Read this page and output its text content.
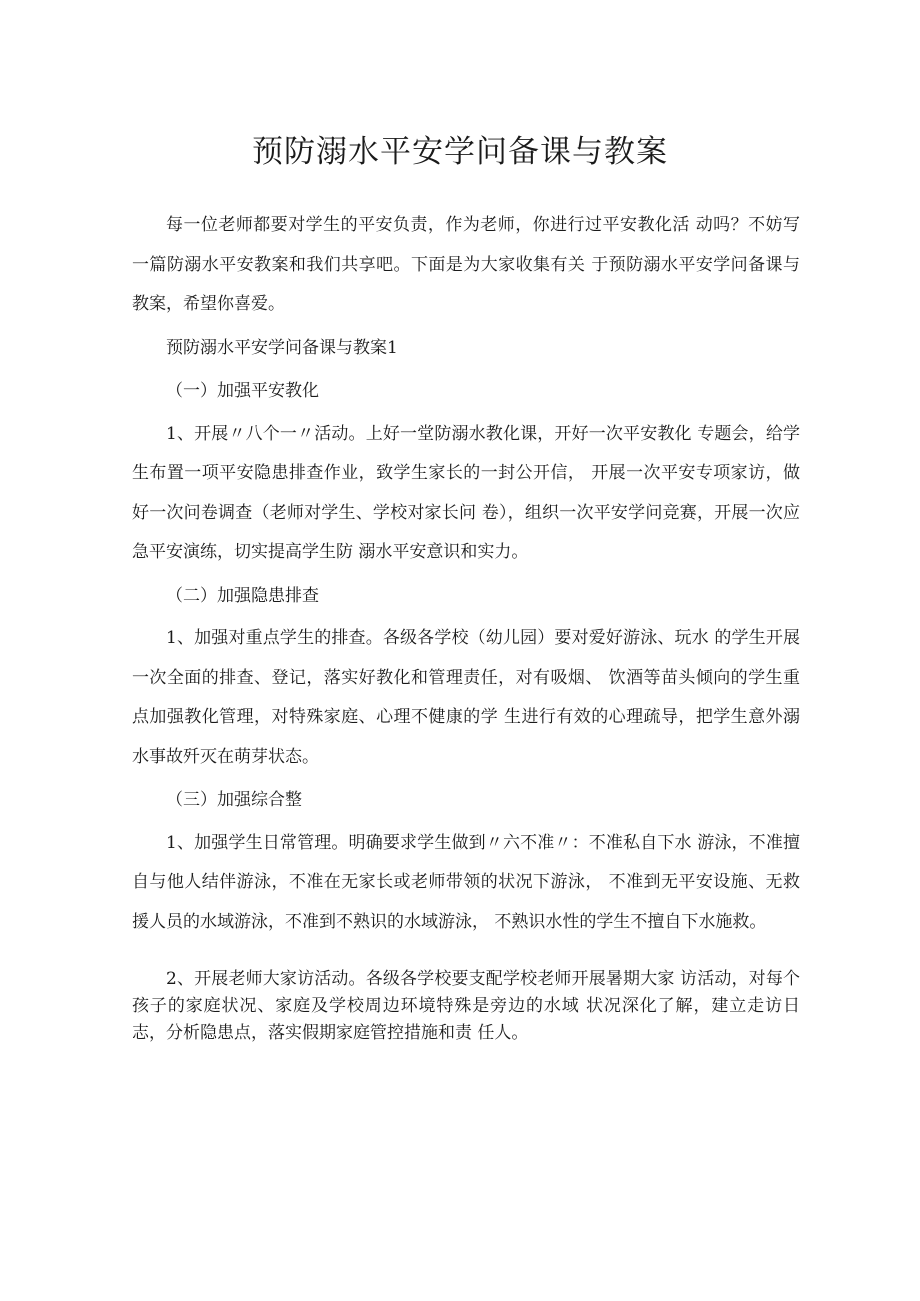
预防溺水平安学问备课与教案

每一位老师都要对学生的平安负责，作为老师，你进行过平安教化活 动吗？不妨写一篇防溺水平安教案和我们共享吧。下面是为大家收集有关 于预防溺水平安学问备课与教案，希望你喜爱。

预防溺水平安学问备课与教案1

（一）加强平安教化

1、开展〃八个一〃活动。上好一堂防溺水教化课，开好一次平安教化 专题会，给学生布置一项平安隐患排查作业，致学生家长的一封公开信， 开展一次平安专项家访，做好一次问卷调查（老师对学生、学校对家长问 卷），组织一次平安学问竞赛，开展一次应急平安演练，切实提高学生防 溺水平安意识和实力。

（二）加强隐患排查

1、加强对重点学生的排查。各级各学校（幼儿园）要对爱好游泳、玩水 的学生开展一次全面的排查、登记，落实好教化和管理责任，对有吸烟、 饮酒等苗头倾向的学生重点加强教化管理，对特殊家庭、心理不健康的学 生进行有效的心理疏导，把学生意外溺水事故歼灭在萌芽状态。

（三）加强综合整

1、加强学生日常管理。明确要求学生做到〃六不准〃：不准私自下水 游泳，不准擅自与他人结伴游泳，不准在无家长或老师带领的状况下游泳， 不准到无平安设施、无救援人员的水域游泳，不准到不熟识的水域游泳， 不熟识水性的学生不擅自下水施救。

2、开展老师大家访活动。各级各学校要支配学校老师开展暑期大家 访活动，对每个孩子的家庭状况、家庭及学校周边环境特殊是旁边的水域 状况深化了解，建立走访日志，分析隐患点，落实假期家庭管控措施和责 任人。
